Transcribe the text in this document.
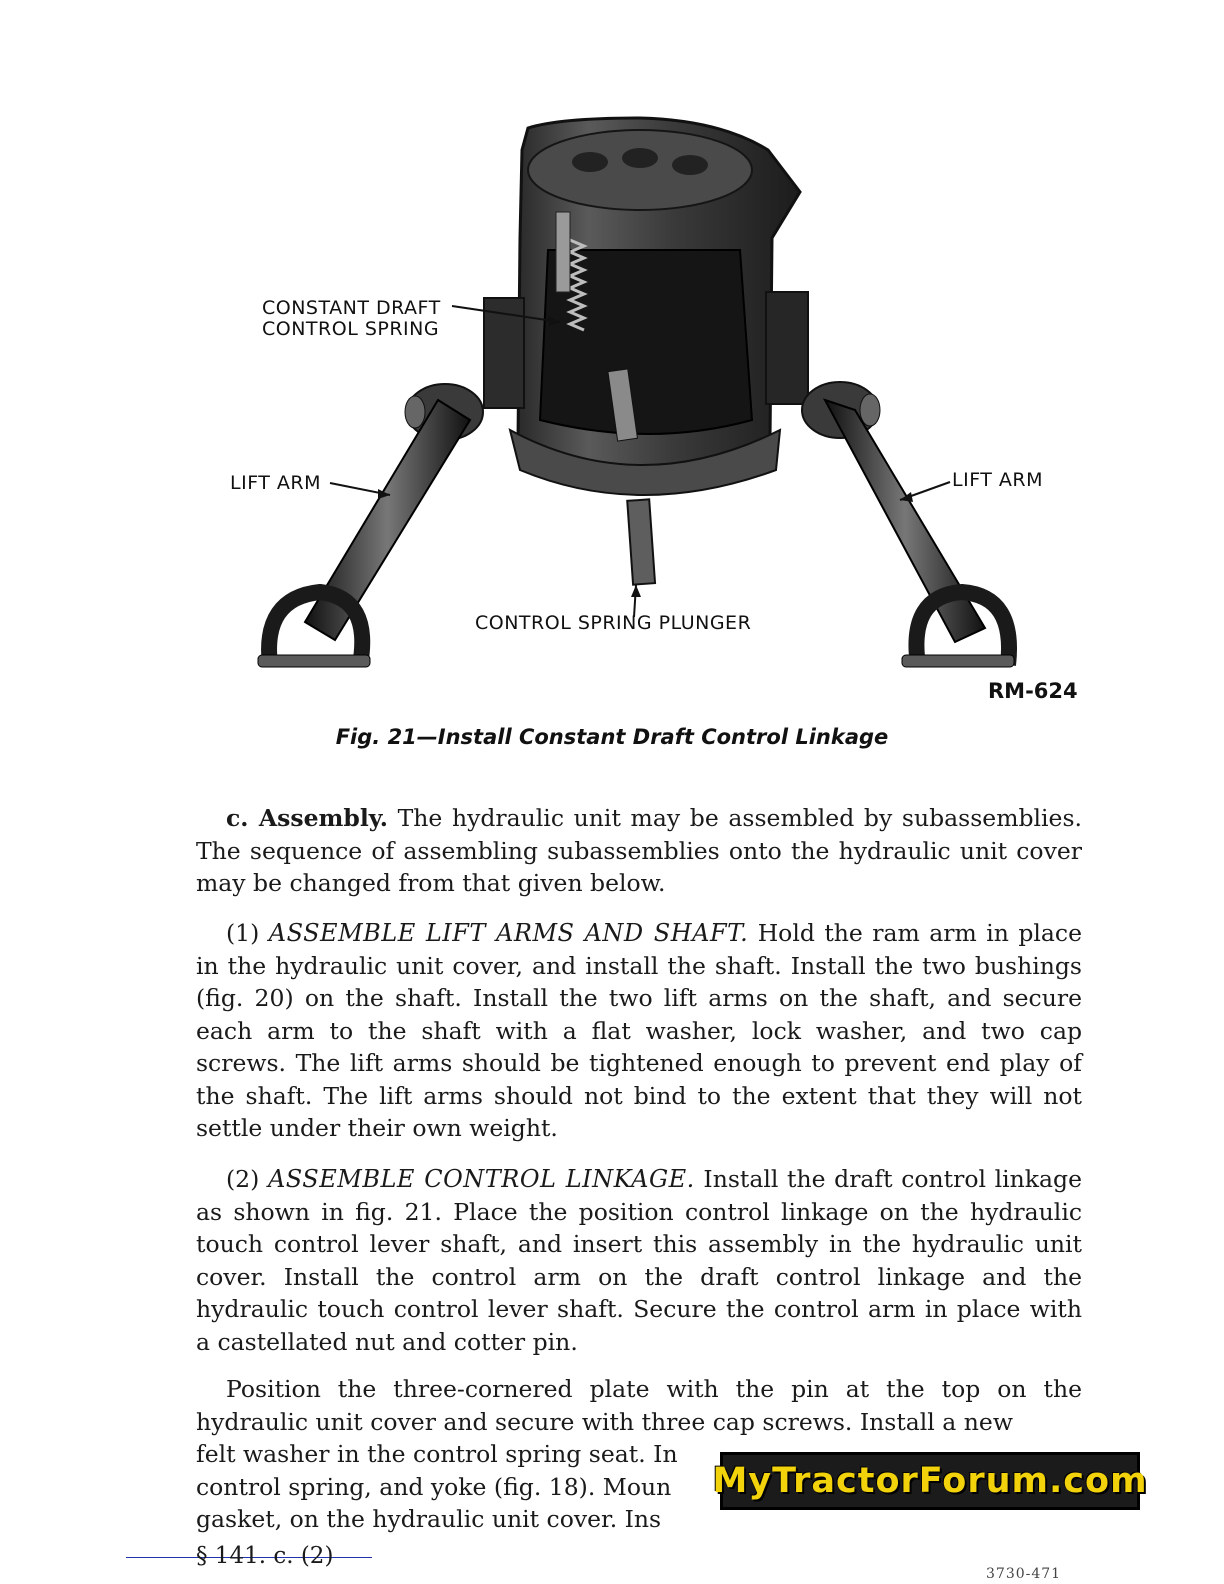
CONSTANT DRAFT
CONTROL SPRING
LIFT ARM	LIFT ARM
CONTROL SPRING PLUNGER
RM-624
Fig. 21—Install Constant Draft Control Linkage

c. Assembly. The hydraulic unit may be assembled by subassemblies. The sequence of assembling subassemblies onto the hydraulic unit cover may be changed from that given below.

(1) ASSEMBLE LIFT ARMS AND SHAFT. Hold the ram arm in place in the hydraulic unit cover, and install the shaft. Install the two bushings (fig. 20) on the shaft. Install the two lift arms on the shaft, and secure each arm to the shaft with a flat washer, lock washer, and two cap screws. The lift arms should be tightened enough to prevent end play of the shaft. The lift arms should not bind to the extent that they will not settle under their own weight.

(2) ASSEMBLE CONTROL LINKAGE. Install the draft control linkage as shown in fig. 21. Place the position control linkage on the hydraulic touch control lever shaft, and insert this assembly in the hydraulic unit cover. Install the control arm on the draft control linkage and the hydraulic touch control lever shaft. Secure the control arm in place with a castellated nut and cotter pin.

Position the three-cornered plate with the pin at the top on the hydraulic unit cover and secure with three cap screws. Install a new
felt washer in the control spring seat. In
control spring, and yoke (fig. 18). Moun
gasket, on the hydraulic unit cover. Ins
MyTractorForum.com
§ 141. c. (2)
3730-471
